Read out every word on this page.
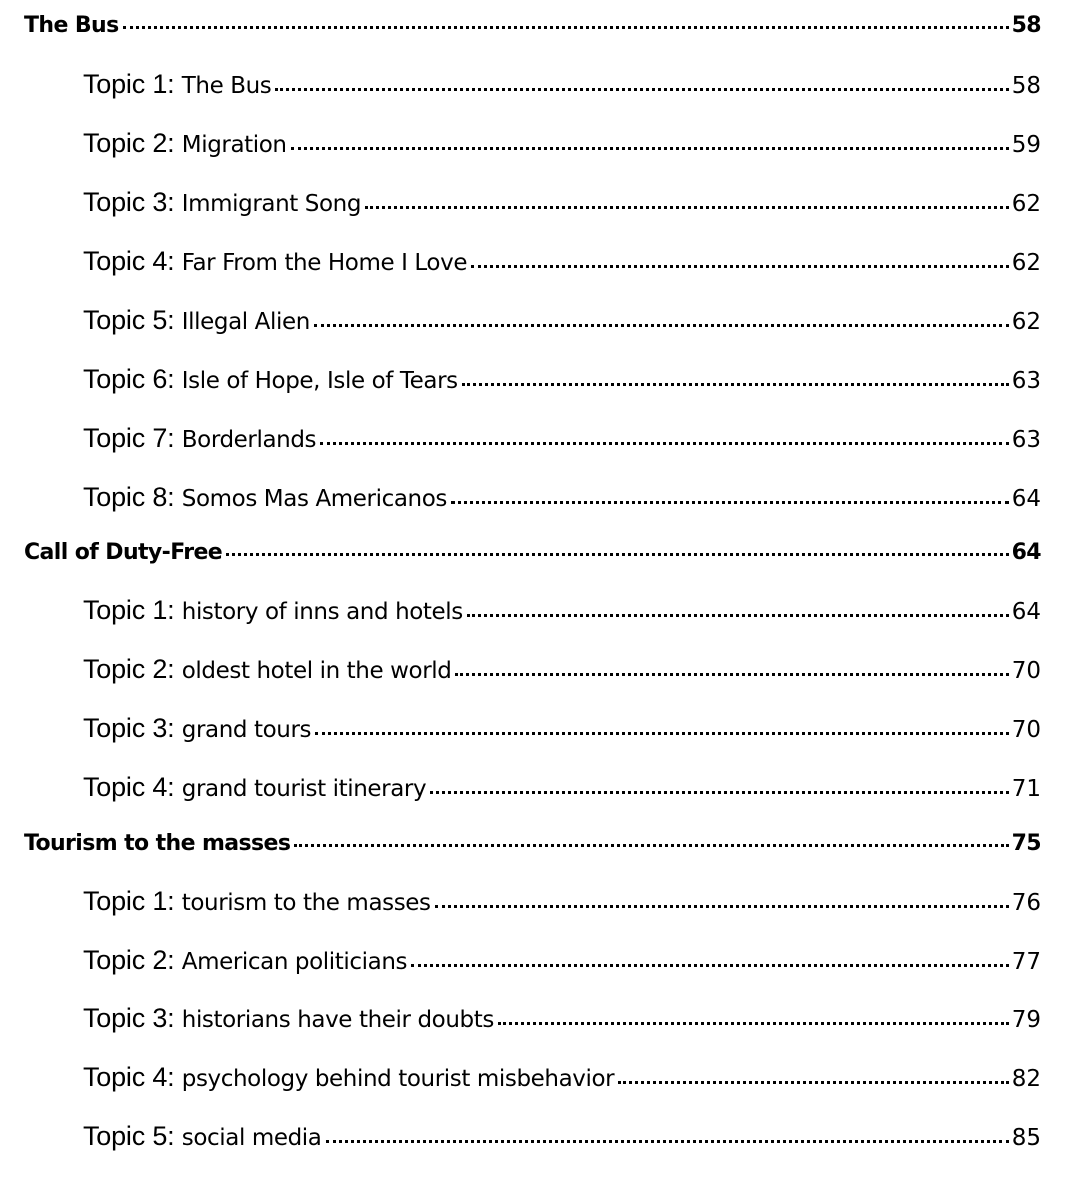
The Bus	58
Topic 1 : The Bus	58
Topic 2 : Migration	59
Topic 3 : Immigrant Song	62
Topic 4 : Far From the Home I Love	62
Topic 5 : Illegal Alien	62
Topic 6 : Isle of Hope, Isle of Tears	63
Topic 7 : Borderlands	63
Topic 8 : Somos Mas Americanos	64
Call of Duty-Free	64
Topic 1 : history of inns and hotels	64
Topic 2 : oldest hotel in the world	70
Topic 3 : grand tours	70
Topic 4 : grand tourist itinerary	71
Tourism to the masses	75
Topic 1 : tourism to the masses	76
Topic 2 : American politicians	77
Topic 3 : historians have their doubts	79
Topic 4 : psychology behind tourist misbehavior	82
Topic 5 : social media	85
